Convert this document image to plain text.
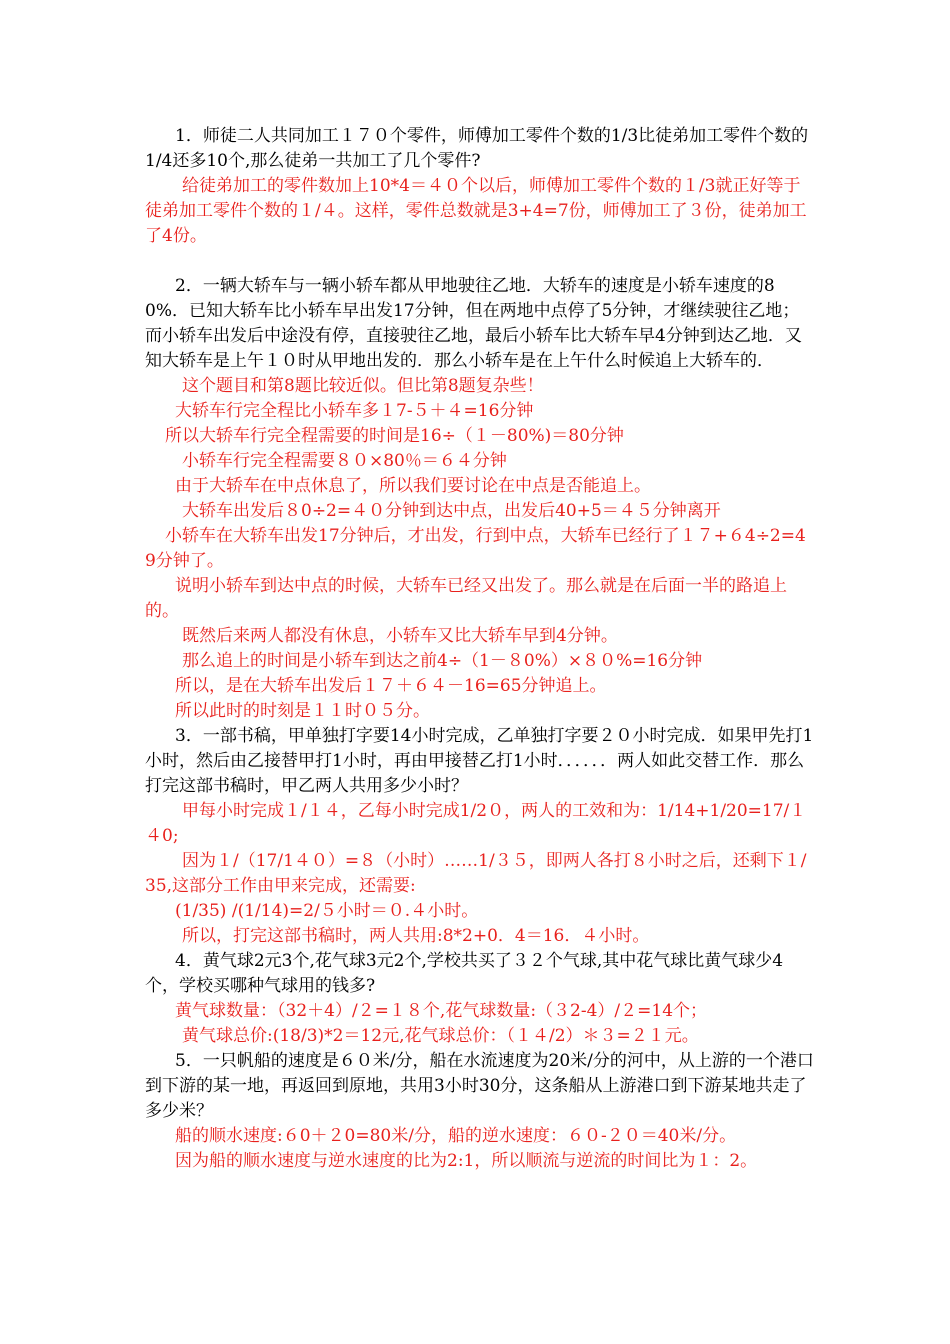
1．师徒二人共同加工１７０个零件，师傅加工零件个数的1/3比徒弟加工零件个数的1/4还多10个,那么徒弟一共加工了几个零件?

给徒弟加工的零件数加上10*4＝４０个以后，师傅加工零件个数的１/3就正好等于徒弟加工零件个数的１/４。这样，零件总数就是3+4=7份，师傅加工了３份，徒弟加工了4份。

2．一辆大轿车与一辆小轿车都从甲地驶往乙地．大轿车的速度是小轿车速度的80%．已知大轿车比小轿车早出发17分钟，但在两地中点停了5分钟，才继续驶往乙地；而小轿车出发后中途没有停，直接驶往乙地，最后小轿车比大轿车早4分钟到达乙地．又知大轿车是上午１０时从甲地出发的．那么小轿车是在上午什么时候追上大轿车的．

这个题目和第8题比较近似。但比第8题复杂些！

大轿车行完全程比小轿车多１7-５＋４=16分钟

所以大轿车行完全程需要的时间是16÷（１－80%)＝80分钟

小轿车行完全程需要８０×80％＝６４分钟

由于大轿车在中点休息了，所以我们要讨论在中点是否能追上。

大轿车出发后８0÷2=４０分钟到达中点，出发后40+5＝４５分钟离开

小轿车在大轿车出发17分钟后，才出发，行到中点，大轿车已经行了１７+６4÷2=49分钟了。

说明小轿车到达中点的时候，大轿车已经又出发了。那么就是在后面一半的路追上的。

既然后来两人都没有休息，小轿车又比大轿车早到4分钟。

那么追上的时间是小轿车到达之前4÷（1－８0%）×８０%=16分钟

所以，是在大轿车出发后１７＋６４－16=65分钟追上。

所以此时的时刻是１１时０５分。

3．一部书稿，甲单独打字要14小时完成，乙单独打字要２０小时完成．如果甲先打1小时，然后由乙接替甲打1小时，再由甲接替乙打1小时．．．．．．两人如此交替工作．那么打完这部书稿时，甲乙两人共用多少小时？

甲每小时完成１/１４，乙每小时完成1/2０，两人的工效和为：1/14+1/20=17/１４0;

因为１/（17/1４０）=８（小时）……1/３５，即两人各打８小时之后，还剩下１/35,这部分工作由甲来完成，还需要:

(1/35) /(1/14)=2/５小时＝０.４小时。

所以，打完这部书稿时，两人共用:8*2+0．4＝16．４小时。

4．黄气球2元3个,花气球3元2个,学校共买了３２个气球,其中花气球比黄气球少4个，学校买哪种气球用的钱多?

黄气球数量：（32＋4）/２=１８个,花气球数量:（３2-4）/２=14个；

黄气球总价:(18/3)*2＝12元,花气球总价：（１４/2）＊３=２１元。

5．一只帆船的速度是６０米/分，船在水流速度为20米/分的河中，从上游的一个港口到下游的某一地，再返回到原地，共用3小时30分，这条船从上游港口到下游某地共走了多少米？

船的顺水速度:６0＋２0=80米/分，船的逆水速度：６０-２０＝40米/分。

因为船的顺水速度与逆水速度的比为2:1，所以顺流与逆流的时间比为１：2。
